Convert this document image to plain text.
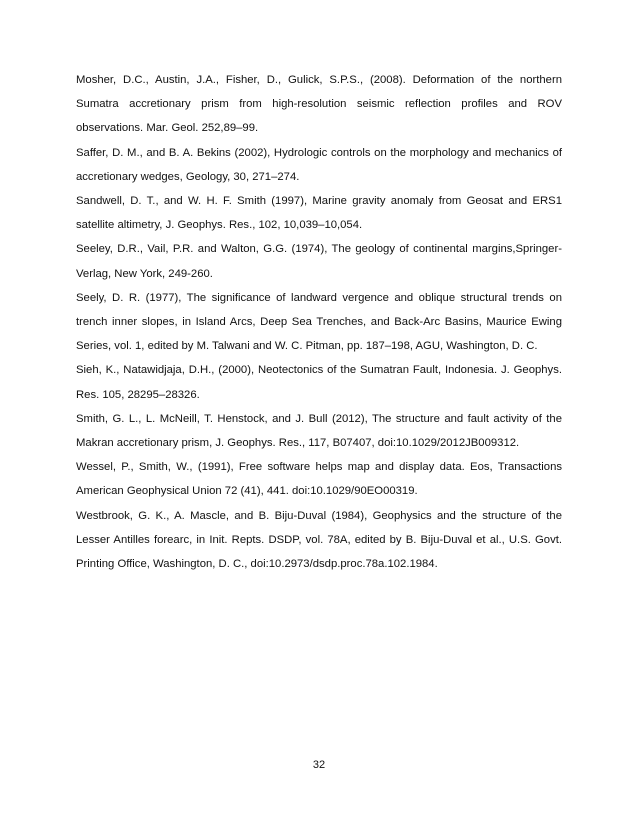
Mosher, D.C., Austin, J.A., Fisher, D., Gulick, S.P.S., (2008). Deformation of the northern Sumatra accretionary prism from high-resolution seismic reflection profiles and ROV observations. Mar. Geol. 252,89–99.

Saffer, D. M., and B. A. Bekins (2002), Hydrologic controls on the morphology and mechanics of accretionary wedges, Geology, 30, 271–274.

Sandwell, D. T., and W. H. F. Smith (1997), Marine gravity anomaly from Geosat and ERS1 satellite altimetry, J. Geophys. Res., 102, 10,039–10,054.

Seeley, D.R., Vail, P.R. and Walton, G.G. (1974), The geology of continental margins,Springer-Verlag, New York, 249-260.

Seely, D. R. (1977), The significance of landward vergence and oblique structural trends on trench inner slopes, in Island Arcs, Deep Sea Trenches, and Back-Arc Basins, Maurice Ewing Series, vol. 1, edited by M. Talwani and W. C. Pitman, pp. 187–198, AGU, Washington, D. C.

Sieh, K., Natawidjaja, D.H., (2000), Neotectonics of the Sumatran Fault, Indonesia. J. Geophys. Res. 105, 28295–28326.

Smith, G. L., L. McNeill, T. Henstock, and J. Bull (2012), The structure and fault activity of the Makran accretionary prism, J. Geophys. Res., 117, B07407, doi:10.1029/2012JB009312.

Wessel, P., Smith, W., (1991), Free software helps map and display data. Eos, Transactions American Geophysical Union 72 (41), 441. doi:10.1029/90EO00319.

Westbrook, G. K., A. Mascle, and B. Biju-Duval (1984), Geophysics and the structure of the Lesser Antilles forearc, in Init. Repts. DSDP, vol. 78A, edited by B. Biju-Duval et al., U.S. Govt. Printing Office, Washington, D. C., doi:10.2973/dsdp.proc.78a.102.1984.

32
